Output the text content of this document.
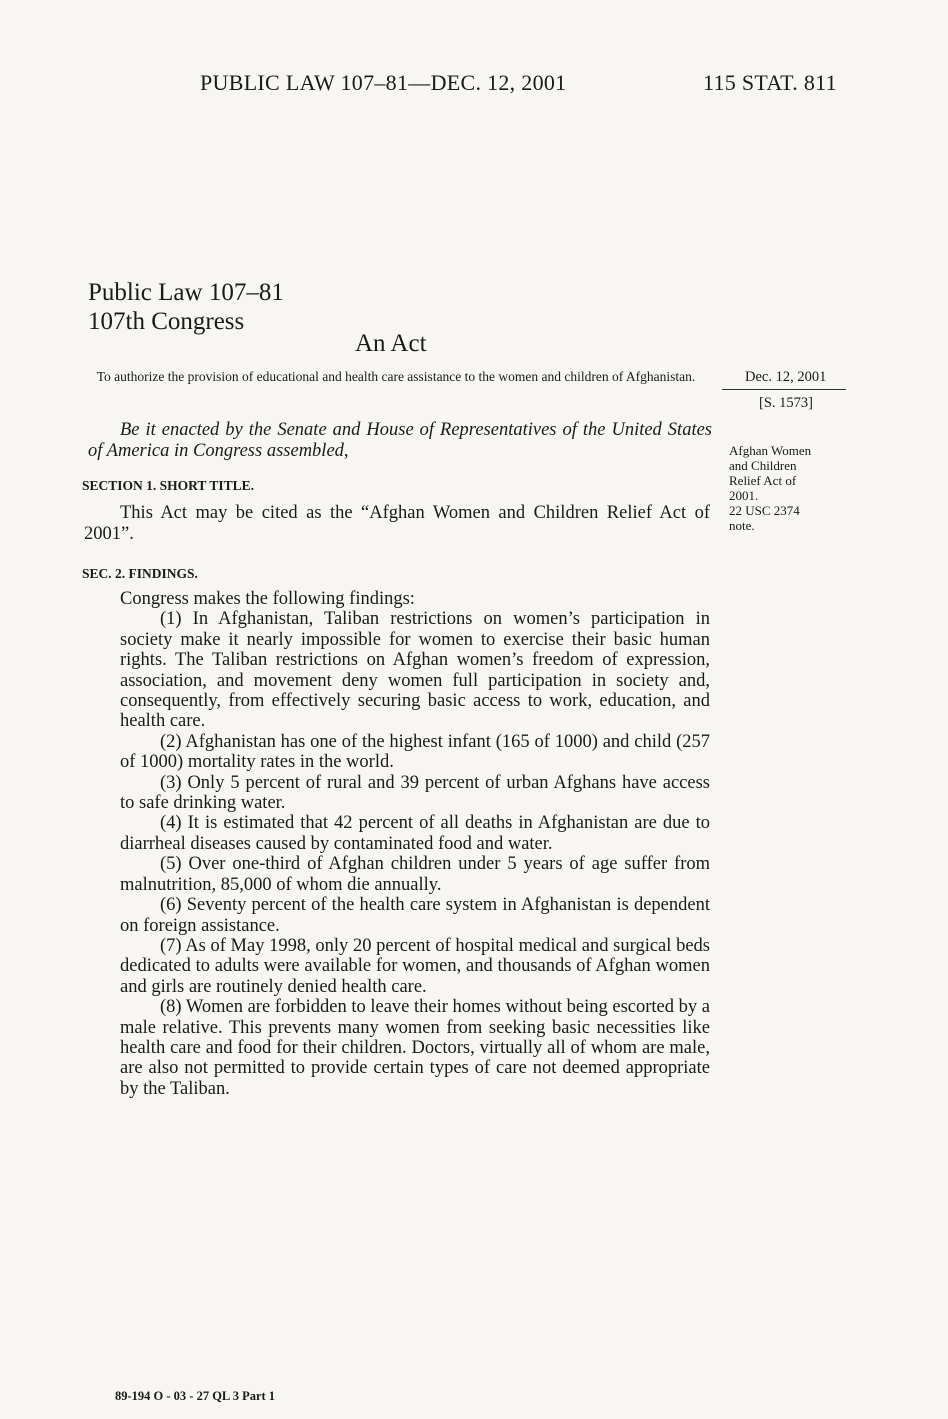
PUBLIC LAW 107–81—DEC. 12, 2001	115 STAT. 811
Public Law 107–81
107th Congress
An Act
To authorize the provision of educational and health care assistance to the women and children of Afghanistan.
Be it enacted by the Senate and House of Representatives of the United States of America in Congress assembled,
SECTION 1. SHORT TITLE.
This Act may be cited as the “Afghan Women and Children Relief Act of 2001”.
SEC. 2. FINDINGS.

Congress makes the following findings:

(1) In Afghanistan, Taliban restrictions on women’s participation in society make it nearly impossible for women to exercise their basic human rights. The Taliban restrictions on Afghan women’s freedom of expression, association, and movement deny women full participation in society and, consequently, from effectively securing basic access to work, education, and health care.

(2) Afghanistan has one of the highest infant (165 of 1000) and child (257 of 1000) mortality rates in the world.

(3) Only 5 percent of rural and 39 percent of urban Afghans have access to safe drinking water.

(4) It is estimated that 42 percent of all deaths in Afghanistan are due to diarrheal diseases caused by contaminated food and water.

(5) Over one-third of Afghan children under 5 years of age suffer from malnutrition, 85,000 of whom die annually.

(6) Seventy percent of the health care system in Afghanistan is dependent on foreign assistance.

(7) As of May 1998, only 20 percent of hospital medical and surgical beds dedicated to adults were available for women, and thousands of Afghan women and girls are routinely denied health care.

(8) Women are forbidden to leave their homes without being escorted by a male relative. This prevents many women from seeking basic necessities like health care and food for their children. Doctors, virtually all of whom are male, are also not permitted to provide certain types of care not deemed appropriate by the Taliban.

Dec. 12, 2001
[S. 1573]
Afghan Women
and Children
Relief Act of
2001.
22 USC 2374
note.
89-194 O - 03 - 27 QL 3 Part 1
